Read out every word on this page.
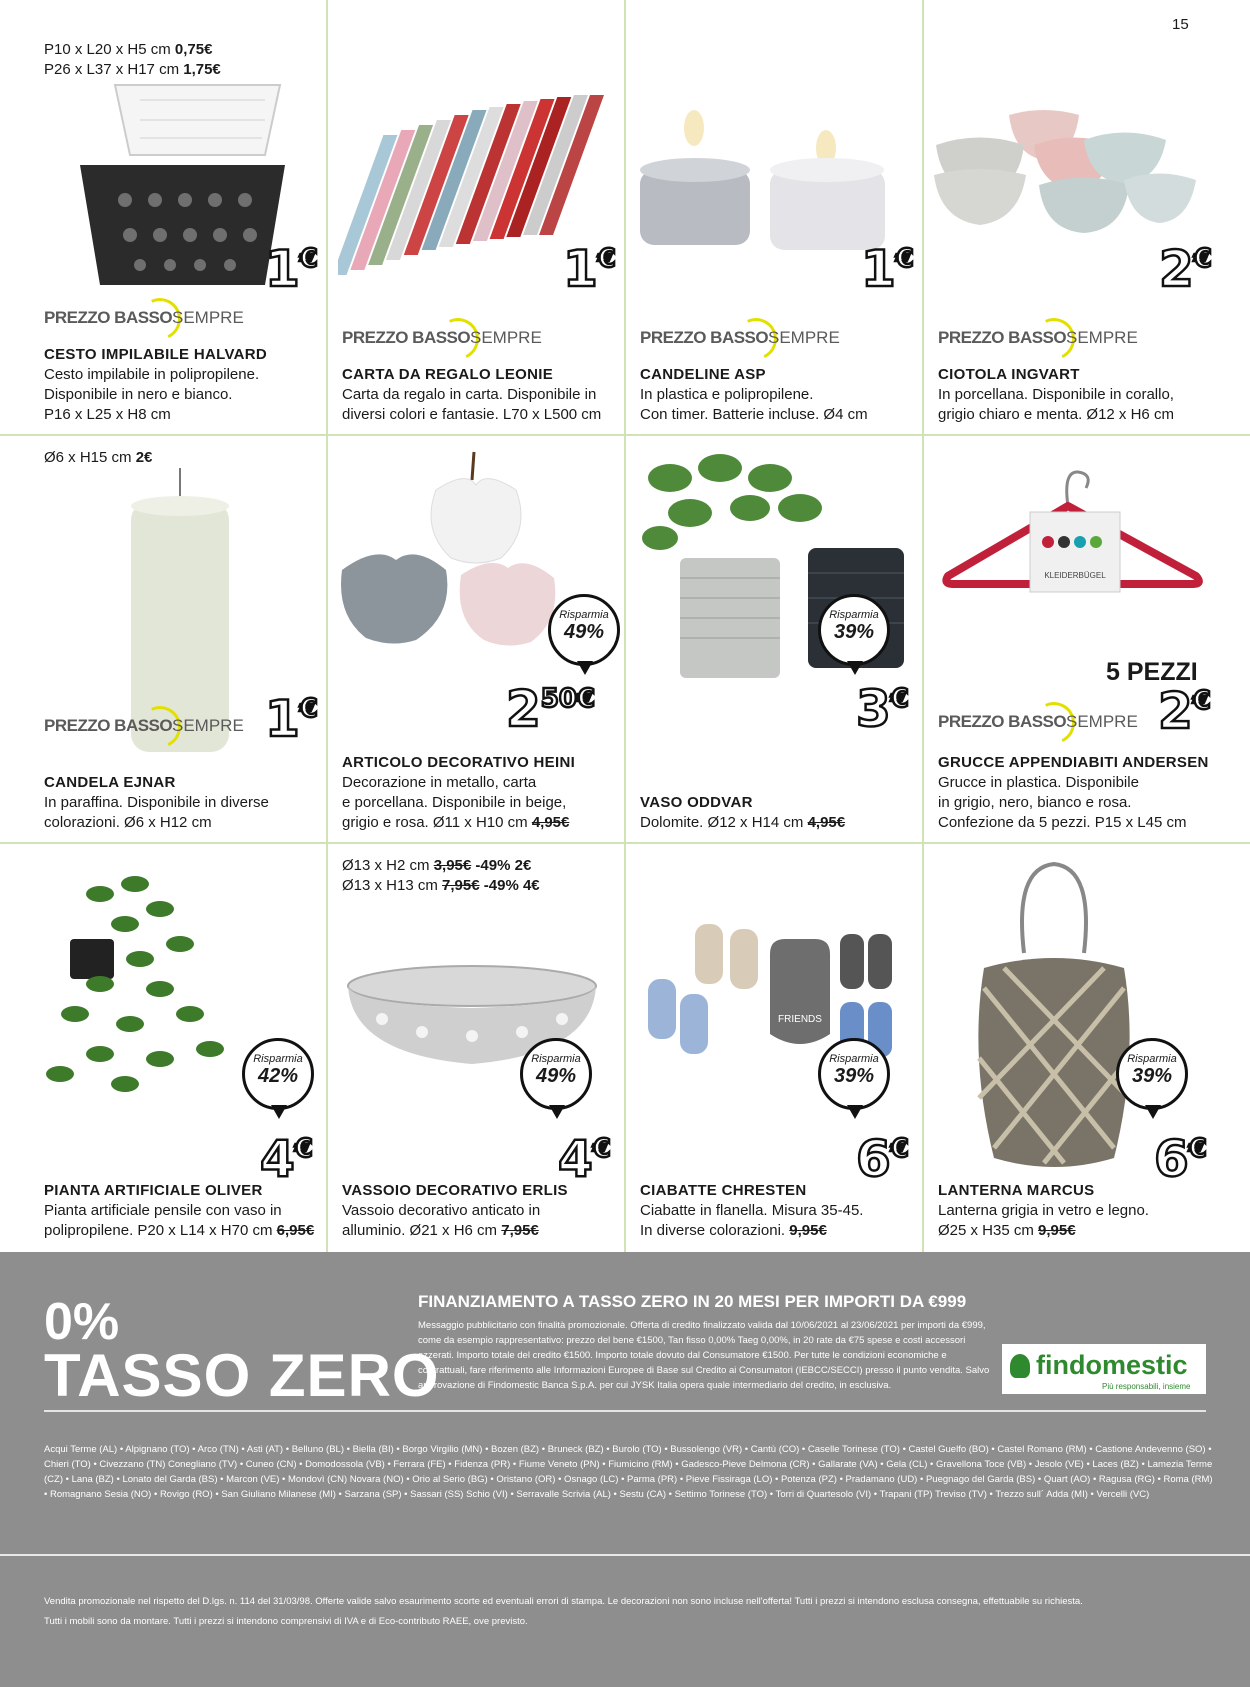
15
P10 x L20 x H5 cm 0,75€
P26 x L37 x H17 cm 1,75€
1€
PREZZO BASSO SEMPRE
CESTO IMPILABILE HALVARD
Cesto impilabile in polipropilene.
Disponibile in nero e bianco.
P16 x L25 x H8 cm
1€
PREZZO BASSO SEMPRE
CARTA DA REGALO LEONIE
Carta da regalo in carta. Disponibile in
diversi colori e fantasie. L70 x L500 cm
1€
PREZZO BASSO SEMPRE
CANDELINE ASP
In plastica e polipropilene.
Con timer. Batterie incluse. Ø4 cm
2€
PREZZO BASSO SEMPRE
CIOTOLA INGVART
In porcellana. Disponibile in corallo,
grigio chiaro e menta. Ø12 x H6 cm
Ø6 x H15 cm 2€
1€
PREZZO BASSO SEMPRE
CANDELA EJNAR
In paraffina. Disponibile in diverse
colorazioni. Ø6 x H12 cm
Risparmia
49%
250€
ARTICOLO DECORATIVO HEINI
Decorazione in metallo, carta
e porcellana. Disponibile in beige,
grigio e rosa. Ø11 x H10 cm 4,95€
Risparmia
39%
3€
VASO ODDVAR
Dolomite. Ø12 x H14 cm 4,95€
KLEIDERBÜGEL
5 PEZZI
2€
PREZZO BASSO SEMPRE
GRUCCE APPENDIABITI ANDERSEN
Grucce in plastica. Disponibile
in grigio, nero, bianco e rosa.
Confezione da 5 pezzi. P15 x L45 cm
Risparmia
42%
4€
PIANTA ARTIFICIALE OLIVER
Pianta artificiale pensile con vaso in
polipropilene. P20 x L14 x H70 cm 6,95€
Ø13 x H2 cm 3,95€ -49% 2€
Ø13 x H13 cm 7,95€ -49% 4€
Risparmia
49%
4€
VASSOIO DECORATIVO ERLIS
Vassoio decorativo anticato in
alluminio. Ø21 x H6 cm 7,95€
FRIENDS
Risparmia
39%
6€
CIABATTE CHRESTEN
Ciabatte in flanella. Misura 35-45.
In diverse colorazioni. 9,95€
Risparmia
39%
6€
LANTERNA MARCUS
Lanterna grigia in vetro e legno.
Ø25 x H35 cm 9,95€
0%
TASSO ZERO
FINANZIAMENTO A TASSO ZERO IN 20 MESI PER IMPORTI DA €999
Messaggio pubblicitario con finalità promozionale. Offerta di credito finalizzato valida dal 10/06/2021 al 23/06/2021 per importi da €999, come da esempio rappresentativo: prezzo del bene €1500, Tan fisso 0,00% Taeg 0,00%, in 20 rate da €75 spese e costi accessori azzerati. Importo totale del credito €1500. Importo totale dovuto dal Consumatore €1500. Per tutte le condizioni economiche e contrattuali, fare riferimento alle Informazioni Europee di Base sul Credito ai Consumatori (IEBCC/SECCI) presso il punto vendita. Salvo approvazione di Findomestic Banca S.p.A. per cui JYSK Italia opera quale intermediario del credito, in esclusiva.
findomestic
Più responsabili, insieme
Acqui Terme (AL) • Alpignano (TO) • Arco (TN) • Asti (AT) • Belluno (BL) • Biella (BI) • Borgo Virgilio (MN) • Bozen (BZ) • Bruneck (BZ) • Burolo (TO) • Bussolengo (VR) • Cantù (CO) • Caselle Torinese (TO) • Castel Guelfo (BO) • Castel Romano (RM) • Castione Andevenno (SO) • Chieri (TO) • Civezzano (TN) Conegliano (TV) • Cuneo (CN) • Domodossola (VB) • Ferrara (FE) • Fidenza (PR) • Fiume Veneto (PN) • Fiumicino (RM) • Gadesco-Pieve Delmona (CR) • Gallarate (VA) • Gela (CL) • Gravellona Toce (VB) • Jesolo (VE) • Laces (BZ) • Lamezia Terme (CZ) • Lana (BZ) • Lonato del Garda (BS) • Marcon (VE) • Mondovì (CN) Novara (NO) • Orio al Serio (BG) • Oristano (OR) • Osnago (LC) • Parma (PR) • Pieve Fissiraga (LO) • Potenza (PZ) • Pradamano (UD) • Puegnago del Garda (BS) • Quart (AO) • Ragusa (RG) • Roma (RM) • Romagnano Sesia (NO) • Rovigo (RO) • San Giuliano Milanese (MI) • Sarzana (SP) • Sassari (SS) Schio (VI) • Serravalle Scrivia (AL) • Sestu (CA) • Settimo Torinese (TO) • Torri di Quartesolo (VI) • Trapani (TP) Treviso (TV) • Trezzo sull´ Adda (MI) • Vercelli (VC)
Vendita promozionale nel rispetto del D.lgs. n. 114 del 31/03/98. Offerte valide salvo esaurimento scorte ed eventuali errori di stampa. Le decorazioni non sono incluse nell'offerta! Tutti i prezzi si intendono esclusa consegna, effettuabile su richiesta.
Tutti i mobili sono da montare. Tutti i prezzi si intendono comprensivi di IVA e di Eco-contributo RAEE, ove previsto.
